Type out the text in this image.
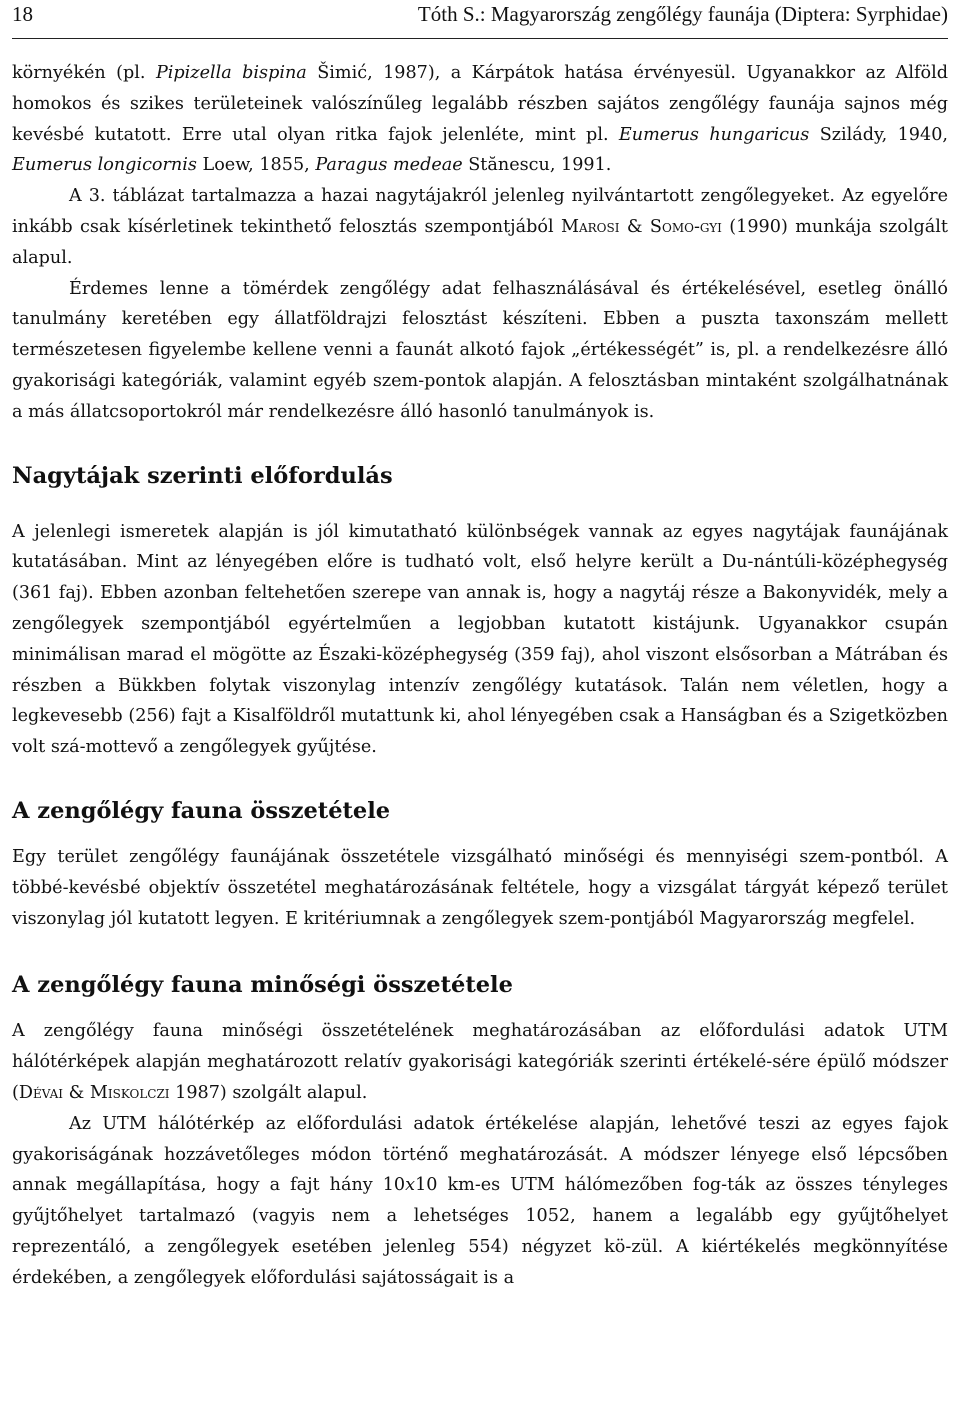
18	Tóth S.: Magyarország zengőlégy faunája (Diptera: Syrphidae)

környékén (pl. Pipizella bispina Šimić, 1987), a Kárpátok hatása érvényesül. Ugyanakkor az Alföld homokos és szikes területeinek valószínűleg legalább részben sajátos zengőlégy faunája sajnos még kevésbé kutatott. Erre utal olyan ritka fajok jelenléte, mint pl. Eumerus hungaricus Szilády, 1940, Eumerus longicornis Loew, 1855, Paragus medeae Stănescu, 1991.

A 3. táblázat tartalmazza a hazai nagytájakról jelenleg nyilvántartott zengőlegyeket. Az egyelőre inkább csak kísérletinek tekinthető felosztás szempontjából Marosi & Somo-gyi (1990) munkája szolgált alapul.

Érdemes lenne a tömérdek zengőlégy adat felhasználásával és értékelésével, esetleg önálló tanulmány keretében egy állatföldrajzi felosztást készíteni. Ebben a puszta taxonszám mellett természetesen figyelembe kellene venni a faunát alkotó fajok „értékességét” is, pl. a rendelkezésre álló gyakorisági kategóriák, valamint egyéb szem-pontok alapján. A felosztásban mintaként szolgálhatnának a más állatcsoportokról már rendelkezésre álló hasonló tanulmányok is.

Nagytájak szerinti előfordulás

A jelenlegi ismeretek alapján is jól kimutatható különbségek vannak az egyes nagytájak faunájának kutatásában. Mint az lényegében előre is tudható volt, első helyre került a Du-nántúli-középhegység (361 faj). Ebben azonban feltehetően szerepe van annak is, hogy a nagytáj része a Bakonyvidék, mely a zengőlegyek szempontjából egyértelműen a legjobban kutatott kistájunk. Ugyanakkor csupán minimálisan marad el mögötte az Északi-középhegység (359 faj), ahol viszont elsősorban a Mátrában és részben a Bükkben folytak viszonylag intenzív zengőlégy kutatások. Talán nem véletlen, hogy a legkevesebb (256) fajt a Kisalföldről mutattunk ki, ahol lényegében csak a Hanságban és a Szigetközben volt szá-mottevő a zengőlegyek gyűjtése.

A zengőlégy fauna összetétele

Egy terület zengőlégy faunájának összetétele vizsgálható minőségi és mennyiségi szem-pontból. A többé-kevésbé objektív összetétel meghatározásának feltétele, hogy a vizsgálat tárgyát képező terület viszonylag jól kutatott legyen. E kritériumnak a zengőlegyek szem-pontjából Magyarország megfelel.

A zengőlégy fauna minőségi összetétele

A zengőlégy fauna minőségi összetételének meghatározásában az előfordulási adatok UTM hálótérképek alapján meghatározott relatív gyakorisági kategóriák szerinti értékelé-sére épülő módszer (Dévai & Miskolczi 1987) szolgált alapul.

Az UTM hálótérkép az előfordulási adatok értékelése alapján, lehetővé teszi az egyes fajok gyakoriságának hozzávetőleges módon történő meghatározását. A módszer lényege első lépcsőben annak megállapítása, hogy a fajt hány 10x10 km-es UTM hálómezőben fog-ták az összes tényleges gyűjtőhelyet tartalmazó (vagyis nem a lehetséges 1052, hanem a legalább egy gyűjtőhelyet reprezentáló, a zengőlegyek esetében jelenleg 554) négyzet kö-zül. A kiértékelés megkönnyítése érdekében, a zengőlegyek előfordulási sajátosságait is a
